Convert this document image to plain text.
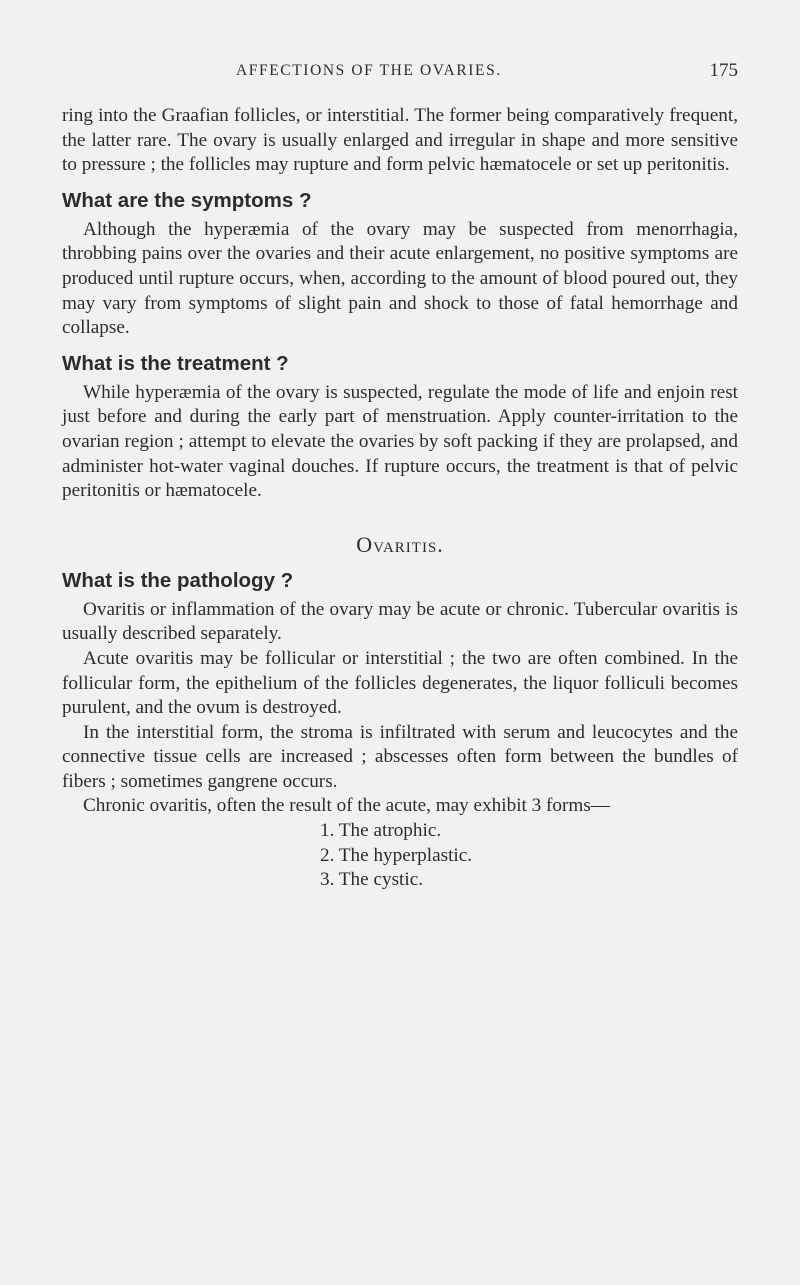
AFFECTIONS OF THE OVARIES.	175

ring into the Graafian follicles, or interstitial. The former being comparatively frequent, the latter rare. The ovary is usually enlarged and irregular in shape and more sensitive to pressure ; the follicles may rupture and form pelvic hæmatocele or set up peritonitis.

What are the symptoms ?

Although the hyperæmia of the ovary may be suspected from menorrhagia, throbbing pains over the ovaries and their acute enlargement, no positive symptoms are produced until rupture occurs, when, according to the amount of blood poured out, they may vary from symptoms of slight pain and shock to those of fatal hemorrhage and collapse.

What is the treatment ?

While hyperæmia of the ovary is suspected, regulate the mode of life and enjoin rest just before and during the early part of menstruation. Apply counter-irritation to the ovarian region ; attempt to elevate the ovaries by soft packing if they are prolapsed, and administer hot-water vaginal douches. If rupture occurs, the treatment is that of pelvic peritonitis or hæmatocele.

Ovaritis.
What is the pathology ?

Ovaritis or inflammation of the ovary may be acute or chronic. Tubercular ovaritis is usually described separately.

Acute ovaritis may be follicular or interstitial ; the two are often combined. In the follicular form, the epithelium of the follicles degenerates, the liquor folliculi becomes purulent, and the ovum is destroyed.

In the interstitial form, the stroma is infiltrated with serum and leucocytes and the connective tissue cells are increased ; abscesses often form between the bundles of fibers ; sometimes gangrene occurs.

Chronic ovaritis, often the result of the acute, may exhibit 3 forms—

1. The atrophic.
2. The hyperplastic.
3. The cystic.
